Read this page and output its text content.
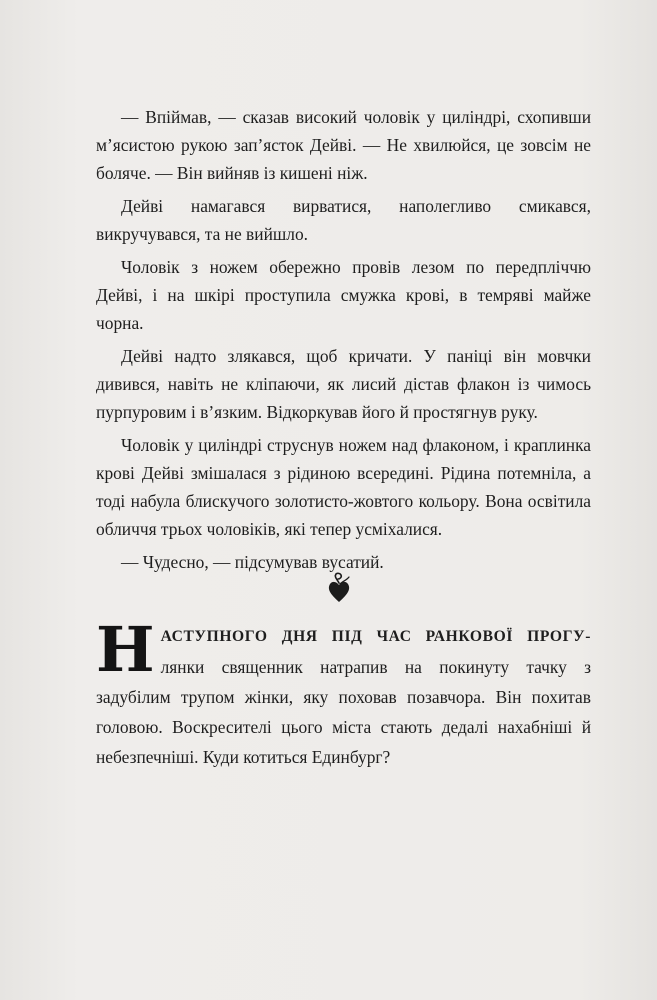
— Впіймав, — сказав високий чоловік у циліндрі, схопивши м’ясистою рукою зап’ясток Дейві. — Не хвилюйся, це зовсім не боляче. — Він вийняв із кишені ніж.

Дейві намагався вирватися, наполегливо смикався, викручувався, та не вийшло.

Чоловік з ножем обережно провів лезом по передпліччю Дейві, і на шкірі проступила смужка крові, в темряві майже чорна.

Дейві надто злякався, щоб кричати. У паніці він мовчки дивився, навіть не кліпаючи, як лисий дістав флакон із чимось пурпуровим і в’язким. Відкоркував його й простягнув руку.

Чоловік у циліндрі струснув ножем над флаконом, і краплинка крові Дейві змішалася з рідиною всередині. Рідина потемніла, а тоді набула блискучого золотисто-жовтого кольору. Вона освітила обличчя трьох чоловіків, які тепер усміхалися.

— Чудесно, — підсумував вусатий.

Н АСТУПНОГО ДНЯ ПІД ЧАС РАНКОВОЇ ПРОГУ- лянки священник натрапив на покинуту тачку з задубілим трупом жінки, яку поховав позавчора. Він похитав головою. Воскресителі цього міста стають дедалі нахабніші й небезпечніші. Куди котиться Единбург?
